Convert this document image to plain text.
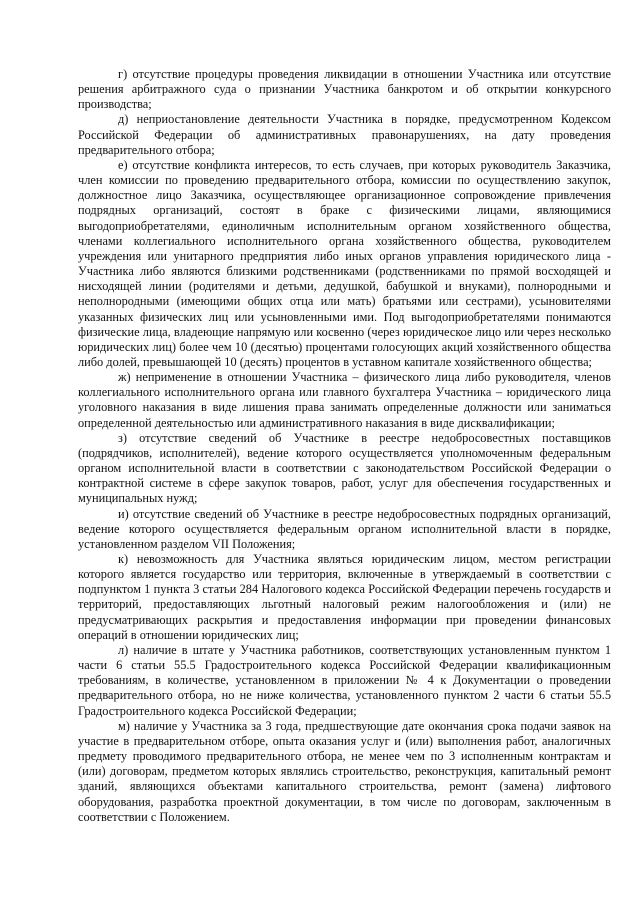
г) отсутствие процедуры проведения ликвидации в отношении Участника или отсутствие решения арбитражного суда о признании Участника банкротом и об открытии конкурсного производства;

д) неприостановление деятельности Участника в порядке, предусмотренном Кодексом Российской Федерации об административных правонарушениях, на дату проведения предварительного отбора;

е) отсутствие конфликта интересов, то есть случаев, при которых руководитель Заказчика, член комиссии по проведению предварительного отбора, комиссии по осуществлению закупок, должностное лицо Заказчика, осуществляющее организационное сопровождение привлечения подрядных организаций, состоят в браке с физическими лицами, являющимися выгодоприобретателями, единоличным исполнительным органом хозяйственного общества, членами коллегиального исполнительного органа хозяйственного общества, руководителем учреждения или унитарного предприятия либо иных органов управления юридического лица - Участника либо являются близкими родственниками (родственниками по прямой восходящей и нисходящей линии (родителями и детьми, дедушкой, бабушкой и внуками), полнородными и неполнородными (имеющими общих отца или мать) братьями или сестрами), усыновителями указанных физических лиц или усыновленными ими. Под выгодоприобретателями понимаются физические лица, владеющие напрямую или косвенно (через юридическое лицо или через несколько юридических лиц) более чем 10 (десятью) процентами голосующих акций хозяйственного общества либо долей, превышающей 10 (десять) процентов в уставном капитале хозяйственного общества;

ж) неприменение в отношении Участника – физического лица либо руководителя, членов коллегиального исполнительного органа или главного бухгалтера Участника – юридического лица уголовного наказания в виде лишения права занимать определенные должности или заниматься определенной деятельностью или административного наказания в виде дисквалификации;

з) отсутствие сведений об Участнике в реестре недобросовестных поставщиков (подрядчиков, исполнителей), ведение которого осуществляется уполномоченным федеральным органом исполнительной власти в соответствии с законодательством Российской Федерации о контрактной системе в сфере закупок товаров, работ, услуг для обеспечения государственных и муниципальных нужд;

и) отсутствие сведений об Участнике в реестре недобросовестных подрядных организаций, ведение которого осуществляется федеральным органом исполнительной власти в порядке, установленном разделом VII Положения;

к) невозможность для Участника являться юридическим лицом, местом регистрации которого является государство или территория, включенные в утверждаемый в соответствии с подпунктом 1 пункта 3 статьи 284 Налогового кодекса Российской Федерации перечень государств и территорий, предоставляющих льготный налоговый режим налогообложения и (или) не предусматривающих раскрытия и предоставления информации при проведении финансовых операций в отношении юридических лиц;

л) наличие в штате у Участника работников, соответствующих установленным пунктом 1 части 6 статьи 55.5 Градостроительного кодекса Российской Федерации квалификационным требованиям, в количестве, установленном в приложении № 4 к Документации о проведении предварительного отбора, но не ниже количества, установленного пунктом 2 части 6 статьи 55.5 Градостроительного кодекса Российской Федерации;

м) наличие у Участника за 3 года, предшествующие дате окончания срока подачи заявок на участие в предварительном отборе, опыта оказания услуг и (или) выполнения работ, аналогичных предмету проводимого предварительного отбора, не менее чем по 3 исполненным контрактам и (или) договорам, предметом которых являлись строительство, реконструкция, капитальный ремонт зданий, являющихся объектами капитального строительства, ремонт (замена) лифтового оборудования, разработка проектной документации, в том числе по договорам, заключенным в соответствии с Положением.
